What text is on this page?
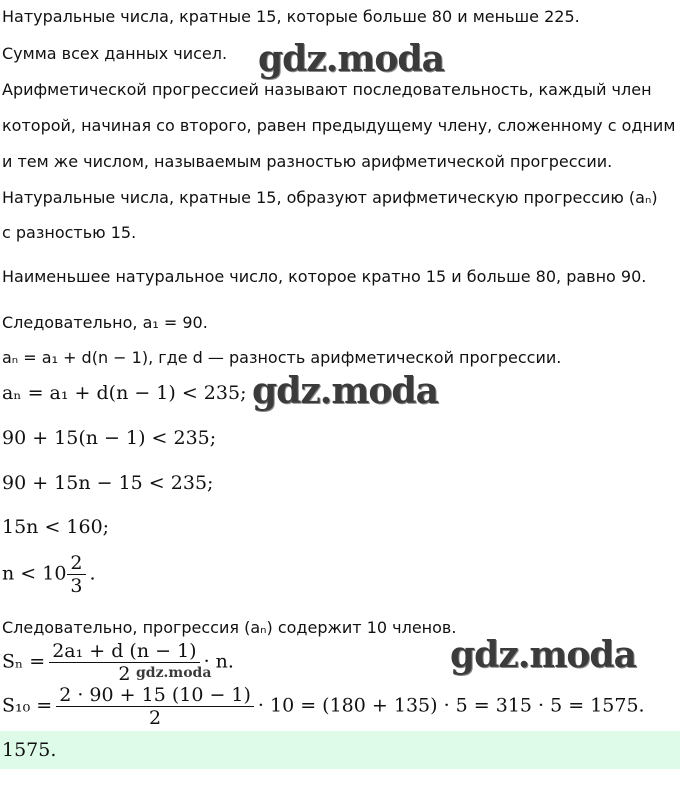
Натуральные числа, кратные 15, которые больше 80 и меньше 225.
Сумма всех данных чисел.
Арифметической прогрессией называют последовательность, каждый член
которой, начиная со второго, равен предыдущему члену, сложенному с одним
и тем же числом, называемым разностью арифметической прогрессии.
Натуральные числа, кратные 15, образуют арифметическую прогрессию (aₙ)
с разностью 15.
Наименьшее натуральное число, которое кратно 15 и больше 80, равно 90.
Следовательно, a₁ = 90.
aₙ = a₁ + d(n − 1), где d — разность арифметической прогрессии.
aₙ = a₁ + d(n − 1) < 235;
90 + 15(n − 1) < 235;
90 + 15n − 15 < 235;
15n < 160;
$n < 10 \frac{2}{3}$ .
Следовательно, прогрессия (aₙ) содержит 10 членов.
$S_n = \frac{\text{2a₁ + d (n − 1)}}{2} \cdot n$.
$S_{10} = \frac{2 \cdot 90 + 15 (10 - 1)}{2} \cdot 10 = (180 + 135) \cdot 5 = 315 \cdot 5 = 1575$.
1575.
gdz.moda
gdz.moda
gdz.moda
gdz.moda
